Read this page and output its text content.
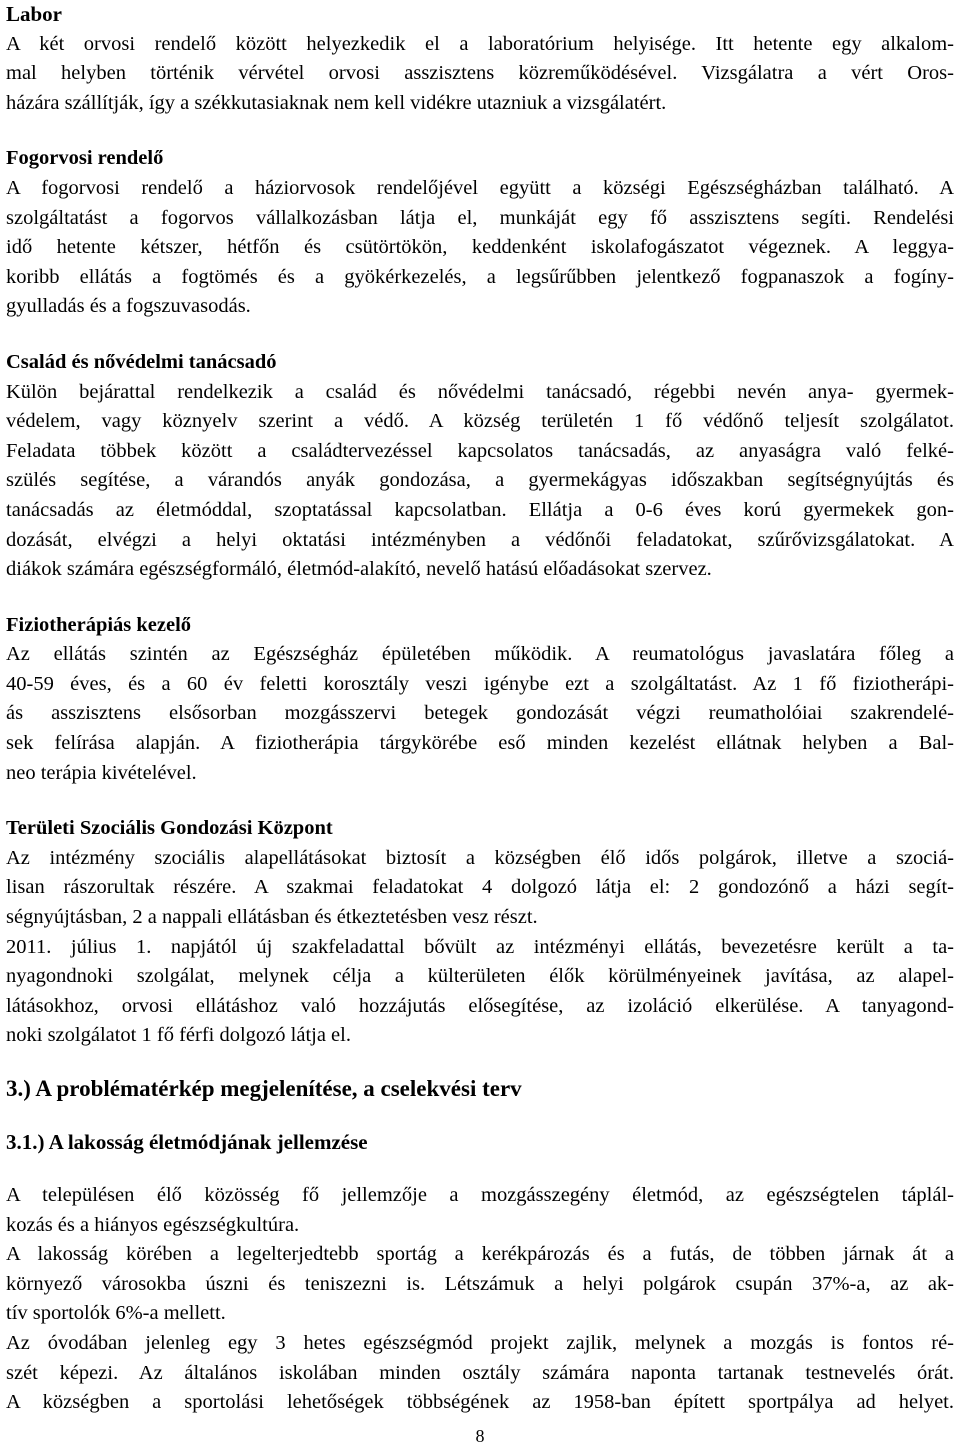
Labor
A két orvosi rendelő között helyezkedik el a laboratórium helyisége. Itt hetente egy alkalom-
mal helyben történik vérvétel orvosi asszisztens közreműködésével. Vizsgálatra a vért Oros-
házára szállítják, így a székkutasiaknak nem kell vidékre utazniuk a vizsgálatért.
Fogorvosi rendelő
A fogorvosi rendelő a háziorvosok rendelőjével együtt a községi Egészségházban található. A
szolgáltatást a fogorvos vállalkozásban látja el, munkáját egy fő asszisztens segíti. Rendelési
idő hetente kétszer, hétfőn és csütörtökön, keddenként iskolafogászatot végeznek. A leggya-
koribb ellátás a fogtömés és a gyökérkezelés, a legsűrűbben jelentkező fogpanaszok a fogíny-
gyulladás és a fogszuvasodás.
Család és nővédelmi tanácsadó
Külön bejárattal rendelkezik a család és nővédelmi tanácsadó, régebbi nevén anya- gyermek-
védelem, vagy köznyelv szerint a védő. A község területén 1 fő védőnő teljesít szolgálatot.
Feladata többek között a családtervezéssel kapcsolatos tanácsadás, az anyaságra való felké-
szülés segítése, a várandós anyák gondozása, a gyermekágyas időszakban segítségnyújtás és
tanácsadás az életmóddal, szoptatással kapcsolatban. Ellátja a 0-6 éves korú gyermekek gon-
dozását, elvégzi a helyi oktatási intézményben a védőnői feladatokat, szűrővizsgálatokat. A
diákok számára egészségformáló, életmód-alakító, nevelő hatású előadásokat szervez.
Fiziotherápiás kezelő
Az ellátás szintén az Egészségház épületében működik. A reumatológus javaslatára főleg a
40-59 éves, és a 60 év feletti korosztály veszi igénybe ezt a szolgáltatást. Az 1 fő fiziotherápi-
ás asszisztens elsősorban mozgásszervi betegek gondozását végzi reumatholóiai szakrendelé-
sek felírása alapján. A fiziotherápia tárgykörébe eső minden kezelést ellátnak helyben a Bal-
neo terápia kivételével.
Területi Szociális Gondozási Központ
Az intézmény szociális alapellátásokat biztosít a községben élő idős polgárok, illetve a szociá-
lisan rászorultak részére. A szakmai feladatokat 4 dolgozó látja el: 2 gondozónő a házi segít-
ségnyújtásban, 2 a nappali ellátásban és étkeztetésben vesz részt.
2011. július 1. napjától új szakfeladattal bővült az intézményi ellátás, bevezetésre került a ta-
nyagondnoki szolgálat, melynek célja a külterületen élők körülményeinek javítása, az alapel-
látásokhoz, orvosi ellátáshoz való hozzájutás elősegítése, az izoláció elkerülése. A tanyagond-
noki szolgálatot 1 fő férfi dolgozó látja el.
3.) A problématérkép megjelenítése, a cselekvési terv
3.1.) A lakosság életmódjának jellemzése
A településen élő közösség fő jellemzője a mozgásszegény életmód, az egészségtelen táplál-
kozás és a hiányos egészségkultúra.
A lakosság körében a legelterjedtebb sportág a kerékpározás és a futás, de többen járnak át a
környező városokba úszni és teniszezni is. Létszámuk a helyi polgárok csupán 37%-a, az ak-
tív sportolók 6%-a mellett.
Az óvodában jelenleg egy 3 hetes egészségmód projekt zajlik, melynek a mozgás is fontos ré-
szét képezi. Az általános iskolában minden osztály számára naponta tartanak testnevelés órát.
A községben a sportolási lehetőségek többségének az 1958-ban épített sportpálya ad helyet.
8
